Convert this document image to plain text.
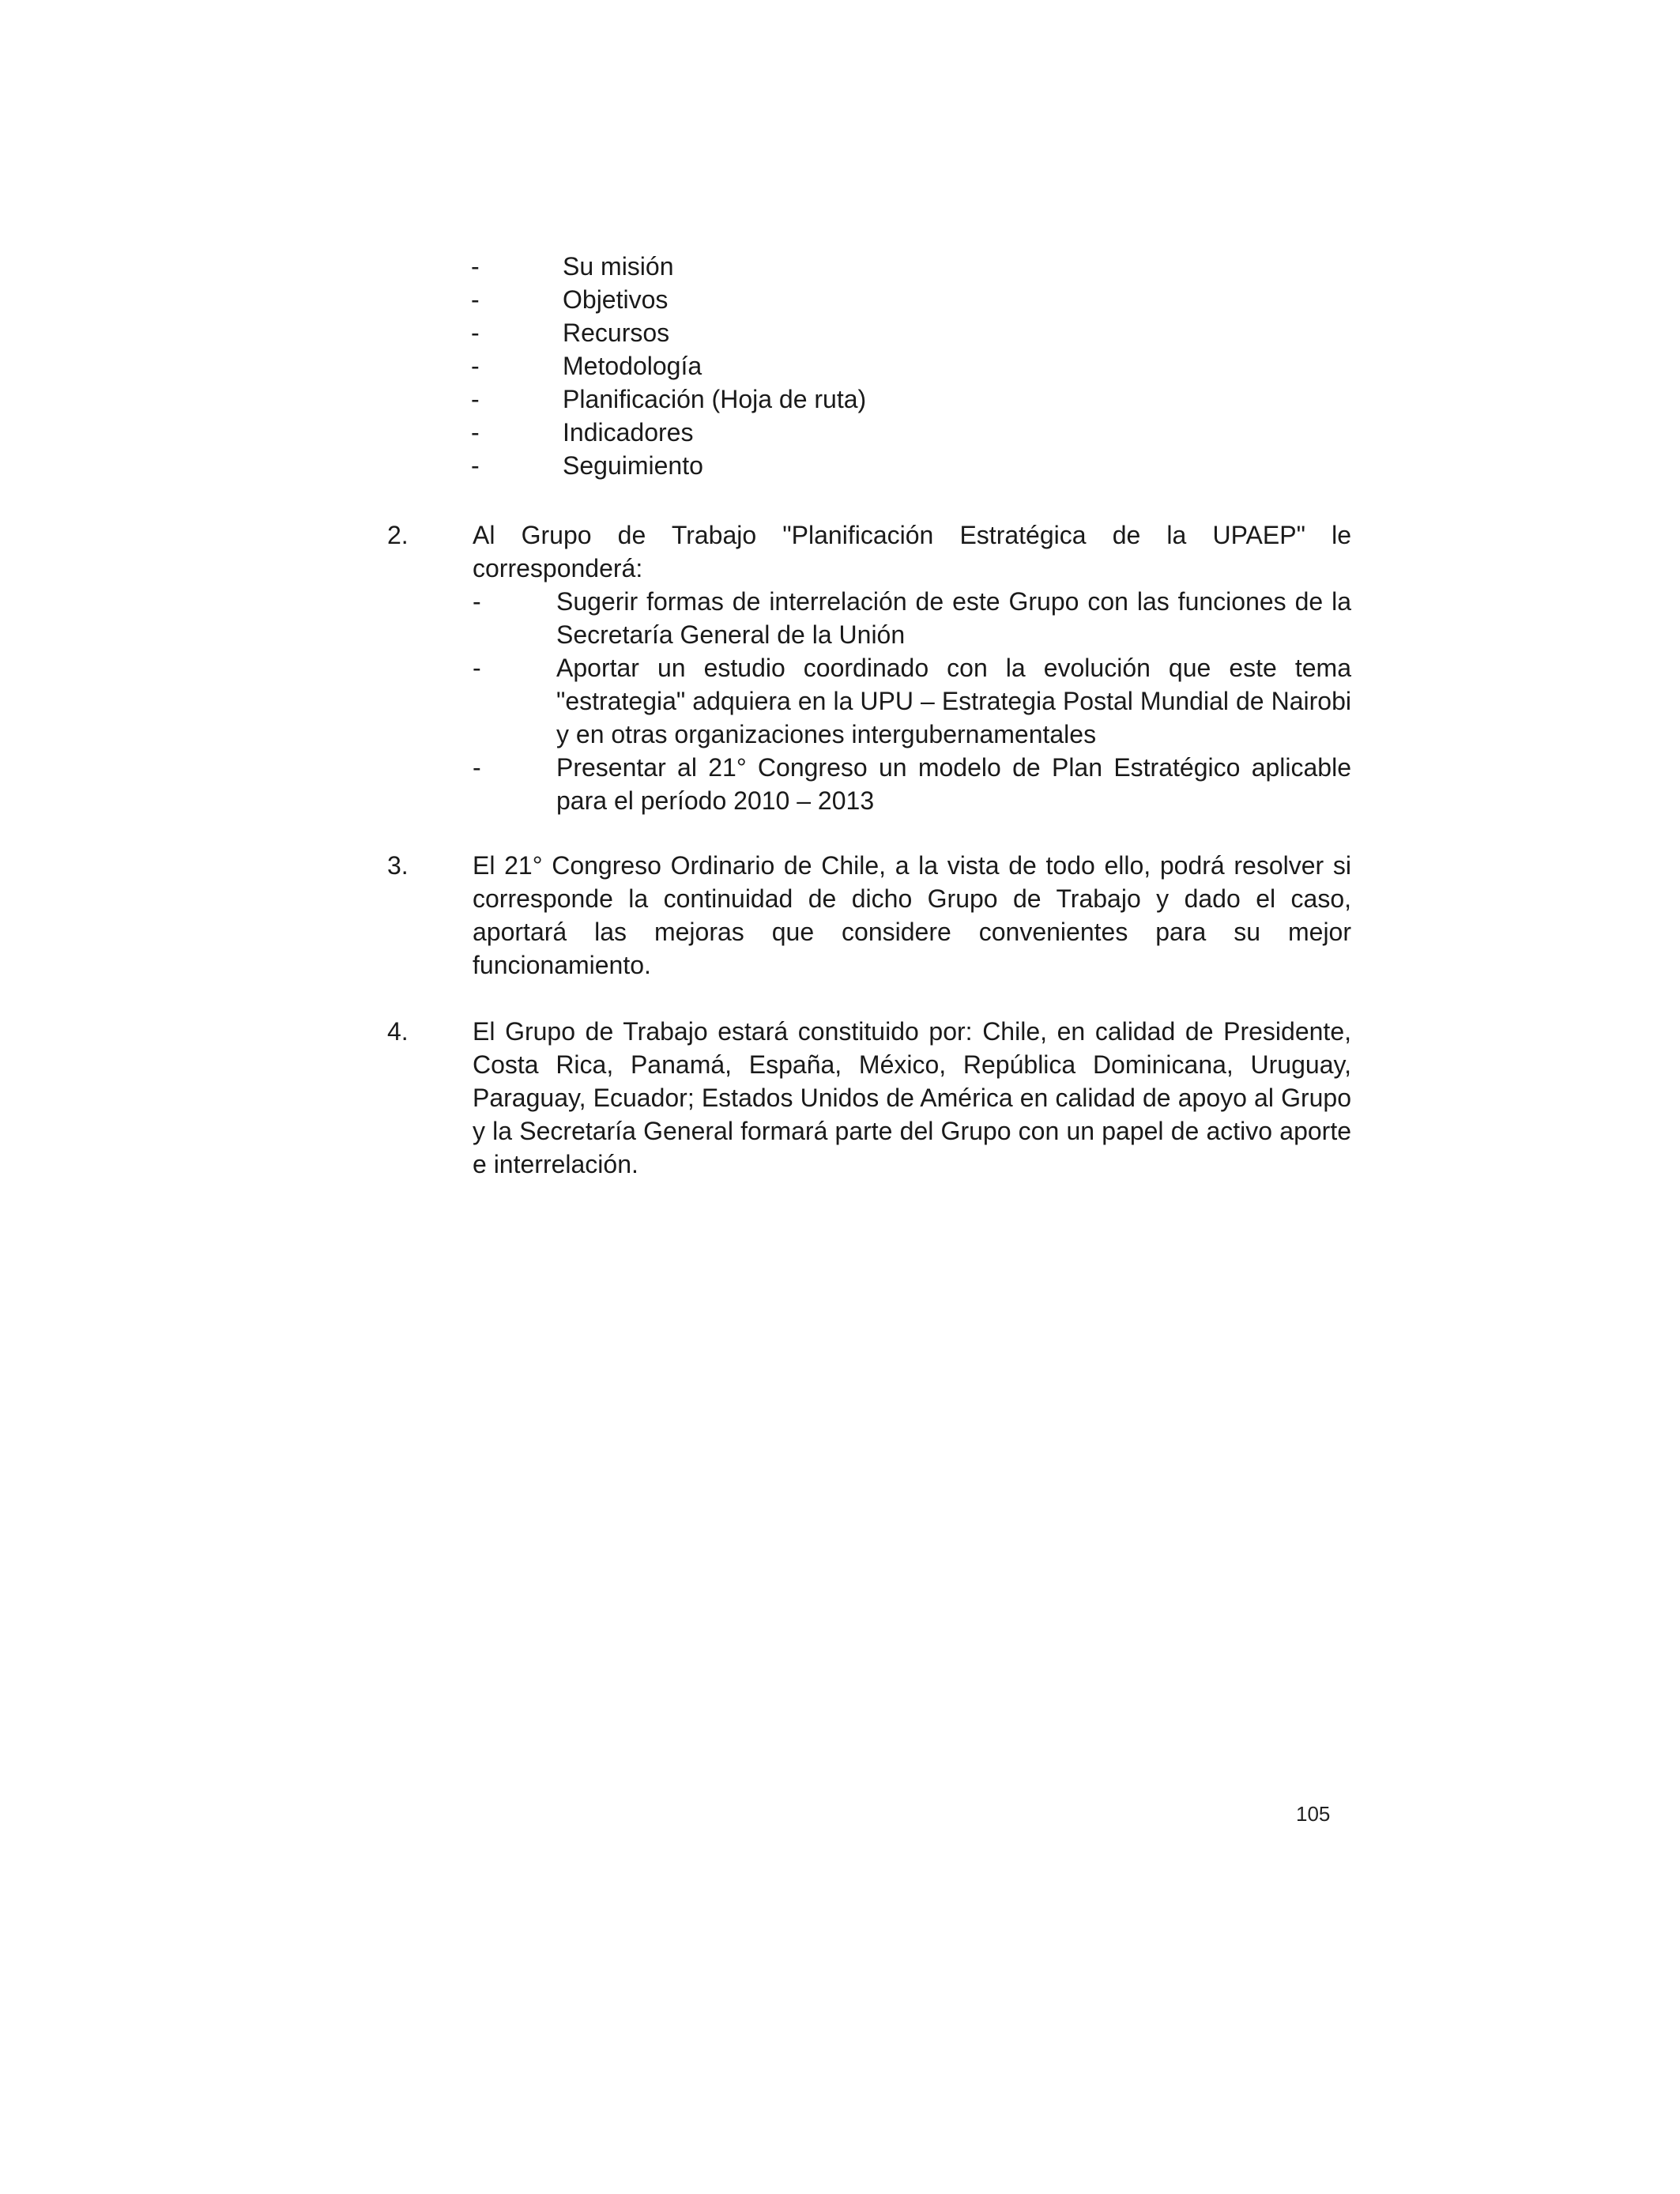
-	Su misión
-	Objetivos
-	Recursos
-	Metodología
-	Planificación (Hoja de ruta)
-	Indicadores
-	Seguimiento
2.	Al Grupo de Trabajo "Planificación Estratégica de la UPAEP" le corresponderá:

-	Sugerir formas de interrelación de este Grupo con las funciones de la Secretaría General de la Unión
-	Aportar un estudio coordinado con la evolución que este tema "estrategia" adquiera en la UPU – Estrategia Postal Mundial de Nairobi y en otras organizaciones intergubernamentales
-	Presentar al 21° Congreso un modelo de Plan Estratégico aplicable para el período 2010 – 2013
3.	El 21° Congreso Ordinario de Chile, a la vista de todo ello, podrá resolver si corresponde la continuidad de dicho Grupo de Trabajo y dado el caso, aportará las mejoras que considere convenientes para su mejor funcionamiento.

4.	El Grupo de Trabajo estará constituido por: Chile, en calidad de Presidente, Costa Rica, Panamá, España, México, República Dominicana, Uruguay, Paraguay, Ecuador; Estados Unidos de América en calidad de apoyo al Grupo y la Secretaría General formará parte del Grupo con un papel de activo aporte e interrelación.

105
